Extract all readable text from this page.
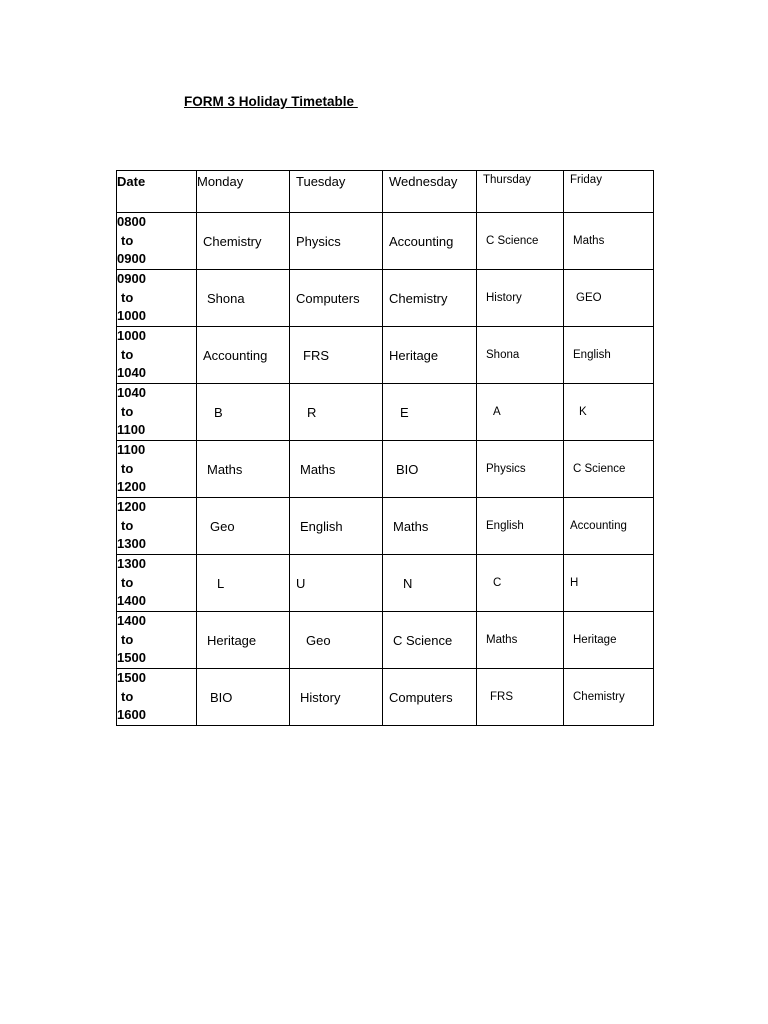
FORM 3 Holiday Timetable
Date	Monday	Tuesday	Wednesday	Thursday	Friday

0800
to
0900	Chemistry	Physics	Accounting	C Science	Maths

0900
to
1000	Shona	Computers	Chemistry	History	GEO

1000
to
1040	Accounting	FRS	Heritage	Shona	English

1040
to
1100	B	R	E	A	K

1100
to
1200	Maths	Maths	BIO	Physics	C Science

1200
to
1300	Geo	English	Maths	English	Accounting

1300
to
1400	L	U	N	C	H

1400
to
1500	Heritage	Geo	C Science	Maths	Heritage

1500
to
1600	BIO	History	Computers	FRS	Chemistry
